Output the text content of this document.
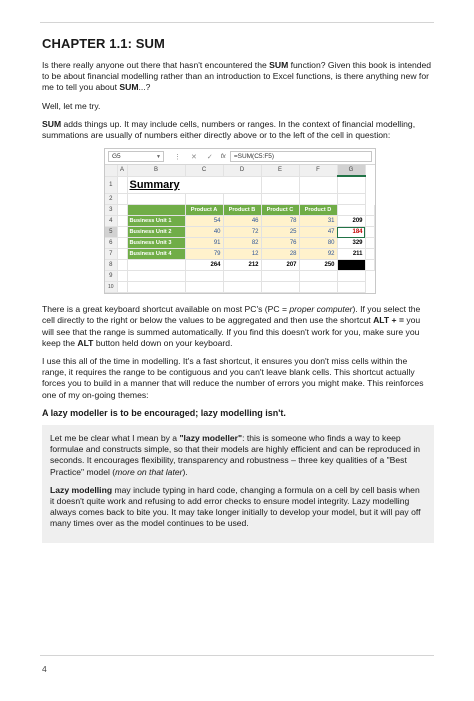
CHAPTER 1.1: SUM

Is there really anyone out there that hasn't encountered the SUM function? Given this book is intended to be about financial modelling rather than an introduction to Excel functions, is there anything new for me to tell you about SUM...?

Well, let me try.

SUM adds things up. It may include cells, numbers or ranges. In the context of financial modelling, summations are usually of numbers either directly above or to the left of the cell in question:

G5	▼ ⋮ ✕ ✓ fx =SUM(C5:F5)
	A	B	C	D	E	F	G	
1		Summary						
2								
3			Product A	Product B	Product C	Product D		
4		Business Unit 1	54	46	78	31	209	
5		Business Unit 2	40	72	25	47	184	
6		Business Unit 3	91	82	76	80	329	
7		Business Unit 4	79	12	28	92	211	
8			264	212	207	250		
9								
10								

There is a great keyboard shortcut available on most PC's (PC = proper computer). If you select the cell directly to the right or below the values to be aggregated and then use the shortcut ALT + = you will see that the range is summed automatically. If you find this doesn't work for you, make sure you keep the ALT button held down on your keyboard.

I use this all of the time in modelling. It's a fast shortcut, it ensures you don't miss cells within the range, it requires the range to be contiguous and you can't leave blank cells. This shortcut actually forces you to build in a manner that will reduce the number of errors you might make. This reinforces one of my on-going themes:

A lazy modeller is to be encouraged; lazy modelling isn't.

Let me be clear what I mean by a "lazy modeller": this is someone who finds a way to keep formulae and constructs simple, so that their models are highly efficient and can be reproduced in seconds. It encourages flexibility, transparency and robustness – three key qualities of a "Best Practice" model (more on that later).

Lazy modelling may include typing in hard code, changing a formula on a cell by cell basis when it doesn't quite work and refusing to add error checks to ensure model integrity. Lazy modelling always comes back to bite you. It may take longer initially to develop your model, but it will pay off many times over as the model continues to be used.

4
